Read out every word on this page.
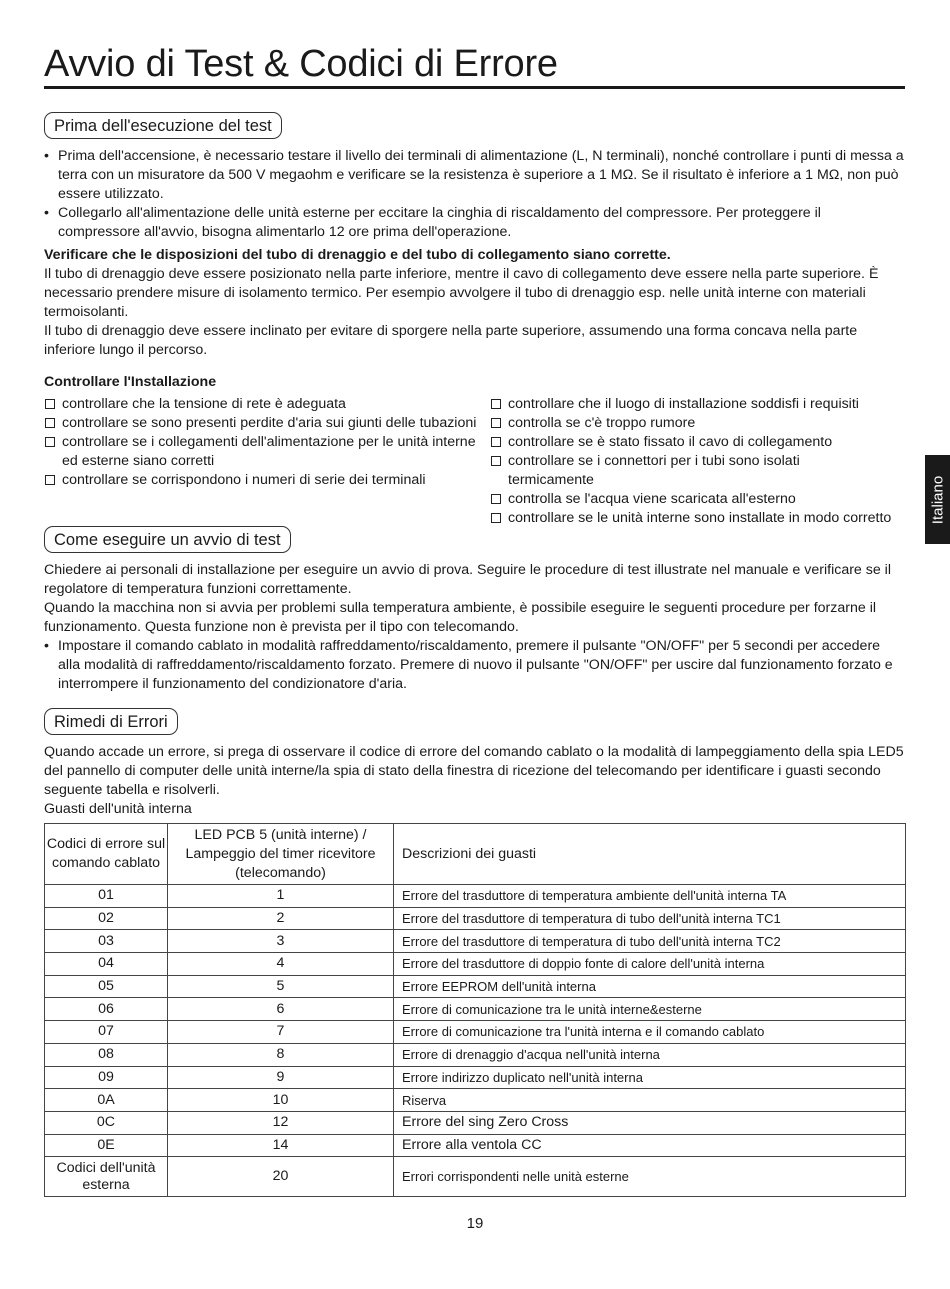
Avvio di Test & Codici di Errore
Italiano
Prima dell'esecuzione del test

• Prima dell'accensione, è necessario testare il livello dei terminali di alimentazione (L, N terminali), nonché controllare i punti di messa a terra con un misuratore da 500 V megaohm e verificare se la resistenza è superiore a 1 MΩ. Se il risultato è inferiore a 1 MΩ, non può essere utilizzato.

• Collegarlo all'alimentazione delle unità esterne per eccitare la cinghia di riscaldamento del compressore. Per proteggere il compressore all'avvio, bisogna alimentarlo 12 ore prima dell'operazione.

Verificare che le disposizioni del tubo di drenaggio e del tubo di collegamento siano corrette.

Il tubo di drenaggio deve essere posizionato nella parte inferiore, mentre il cavo di collegamento deve essere nella parte superiore. È necessario prendere misure di isolamento termico. Per esempio avvolgere il tubo di drenaggio esp. nelle unità interne con materiali termoisolanti.

Il tubo di drenaggio deve essere inclinato per evitare di sporgere nella parte superiore, assumendo una forma concava nella parte inferiore lungo il percorso.

Controllare l'Installazione

controllare che la tensione di rete è adeguata
controllare se sono presenti perdite d'aria sui giunti delle tubazioni
controllare se i collegamenti dell'alimentazione per le unità interne ed esterne siano corretti
controllare se corrispondono i numeri di serie dei terminali
controllare che il luogo di installazione soddisfi i requisiti
controlla se c'è troppo rumore
controllare se è stato fissato il cavo di collegamento
controllare se i connettori per i tubi sono isolati termicamente
controlla se l'acqua viene scaricata all'esterno
controllare se le unità interne sono installate in modo corretto
Come eseguire un avvio di test

Chiedere ai personali di installazione per eseguire un avvio di prova. Seguire le procedure di test illustrate nel manuale e verificare se il regolatore di temperatura funzioni correttamente.

Quando la macchina non si avvia per problemi sulla temperatura ambiente, è possibile eseguire le seguenti procedure per forzarne il funzionamento. Questa funzione non è prevista per il tipo con telecomando.

• Impostare il comando cablato in modalità raffreddamento/riscaldamento, premere il pulsante "ON/OFF" per 5 secondi per accedere alla modalità di raffreddamento/riscaldamento forzato. Premere di nuovo il pulsante "ON/OFF" per uscire dal funzionamento forzato e interrompere il funzionamento del condizionatore d'aria.

Rimedi di Errori

Quando accade un errore, si prega di osservare il codice di errore del comando cablato o la modalità di lampeggiamento della spia LED5 del pannello di computer delle unità interne/la spia di stato della finestra di ricezione del telecomando per identificare i guasti secondo seguente tabella e risolverli.

Guasti dell'unità interna

Codici di errore sul comando cablato	LED PCB 5 (unità interne) / Lampeggio del timer ricevitore (telecomando)	Descrizioni dei guasti
01	1	Errore del trasduttore di temperatura ambiente dell'unità interna TA
02	2	Errore del trasduttore di temperatura di tubo dell'unità interna TC1
03	3	Errore del trasduttore di temperatura di tubo dell'unità interna TC2
04	4	Errore del trasduttore di doppio fonte di calore dell'unità interna
05	5	Errore EEPROM dell'unità interna
06	6	Errore di comunicazione tra le unità interne&esterne
07	7	Errore di comunicazione tra l'unità interna e il comando cablato
08	8	Errore di drenaggio d'acqua nell'unità interna
09	9	Errore indirizzo duplicato nell'unità interna
0A	10	Riserva
0C	12	Errore del sing Zero Cross
0E	14	Errore alla ventola CC
Codici dell'unità esterna	20	Errori corrispondenti nelle unità esterne
19
